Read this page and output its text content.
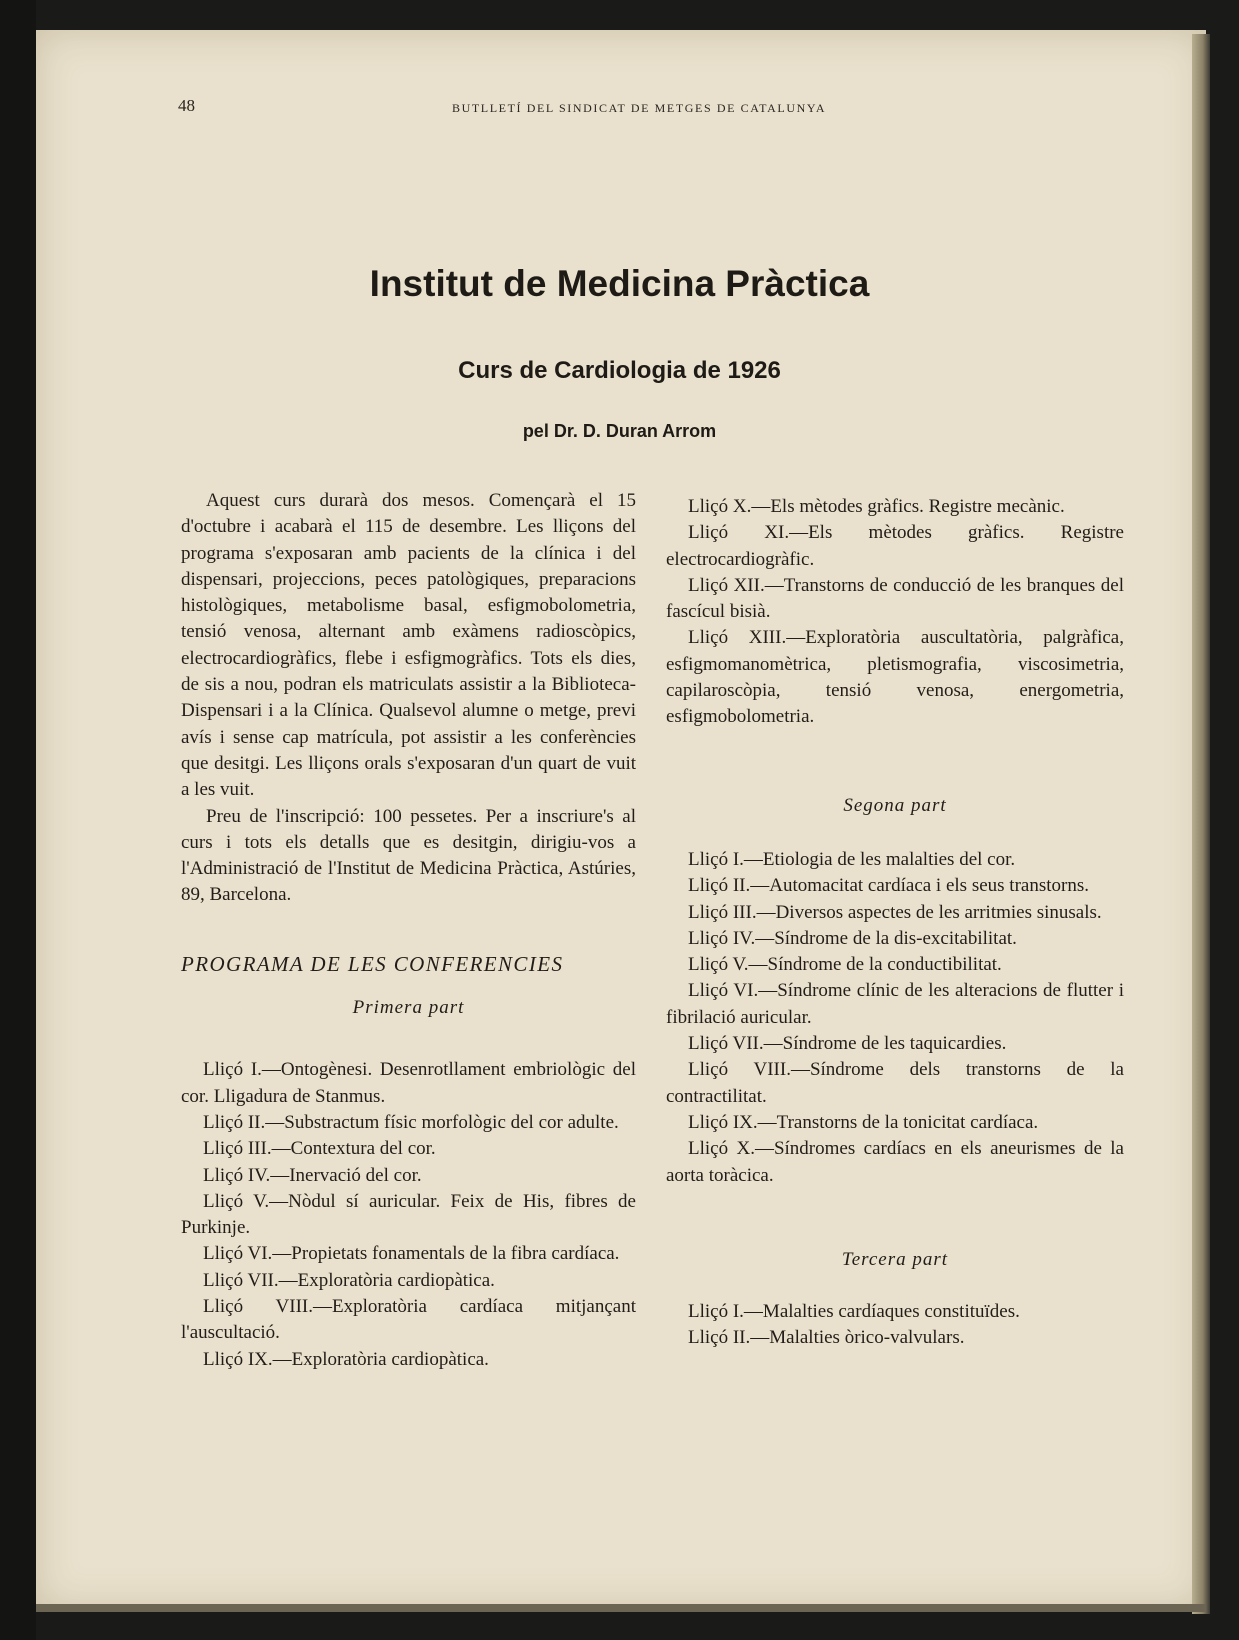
48	BUTLLETÍ DEL SINDICAT DE METGES DE CATALUNYA
Institut de Medicina Pràctica
Curs de Cardiologia de 1926
pel Dr. D. Duran Arrom

Aquest curs durarà dos mesos. Començarà el 15 d'octubre i acabarà el 115 de desembre. Les lliçons del programa s'exposaran amb pacients de la clínica i del dispensari, projeccions, peces patològiques, preparacions histològiques, metabolisme basal, esfigmobolometria, tensió venosa, alternant amb exàmens radioscòpics, electrocardiogràfics, flebe i esfigmogràfics. Tots els dies, de sis a nou, podran els matriculats assistir a la Biblioteca-Dispensari i a la Clínica. Qualsevol alumne o metge, previ avís i sense cap matrícula, pot assistir a les conferències que desitgi. Les lliçons orals s'exposaran d'un quart de vuit a les vuit.

Preu de l'inscripció: 100 pessetes. Per a inscriure's al curs i tots els detalls que es desitgin, dirigiu-vos a l'Administració de l'Institut de Medicina Pràctica, Astúries, 89, Barcelona.

PROGRAMA DE LES CONFERENCIES

Primera part

Lliçó I.—Ontogènesi. Desenrotllament embriològic del cor. Lligadura de Stanmus.

Lliçó II.—Substractum físic morfològic del cor adulte.

Lliçó III.—Contextura del cor.

Lliçó IV.—Inervació del cor.

Lliçó V.—Nòdul sí auricular. Feix de His, fibres de Purkinje.

Lliçó VI.—Propietats fonamentals de la fibra cardíaca.

Lliçó VII.—Exploratòria cardiopàtica.

Lliçó VIII.—Exploratòria cardíaca mitjançant l'auscultació.

Lliçó IX.—Exploratòria cardiopàtica.

Lliçó X.—Els mètodes gràfics. Registre mecànic.

Lliçó XI.—Els mètodes gràfics. Registre electrocardiogràfic.

Lliçó XII.—Transtorns de conducció de les branques del fascícul bisià.

Lliçó XIII.—Exploratòria auscultatòria, palgràfica, esfigmomanomètrica, pletismografia, viscosimetria, capilaroscòpia, tensió venosa, energometria, esfigmobolometria.

Segona part

Lliçó I.—Etiologia de les malalties del cor.

Lliçó II.—Automacitat cardíaca i els seus transtorns.

Lliçó III.—Diversos aspectes de les arritmies sinusals.

Lliçó IV.—Síndrome de la dis-excitabilitat.

Lliçó V.—Síndrome de la conductibilitat.

Lliçó VI.—Síndrome clínic de les alteracions de flutter i fibrilació auricular.

Lliçó VII.—Síndrome de les taquicardies.

Lliçó VIII.—Síndrome dels transtorns de la contractilitat.

Lliçó IX.—Transtorns de la tonicitat cardíaca.

Lliçó X.—Síndromes cardíacs en els aneurismes de la aorta toràcica.

Tercera part

Lliçó I.—Malalties cardíaques constituïdes.

Lliçó II.—Malalties òrico-valvulars.
